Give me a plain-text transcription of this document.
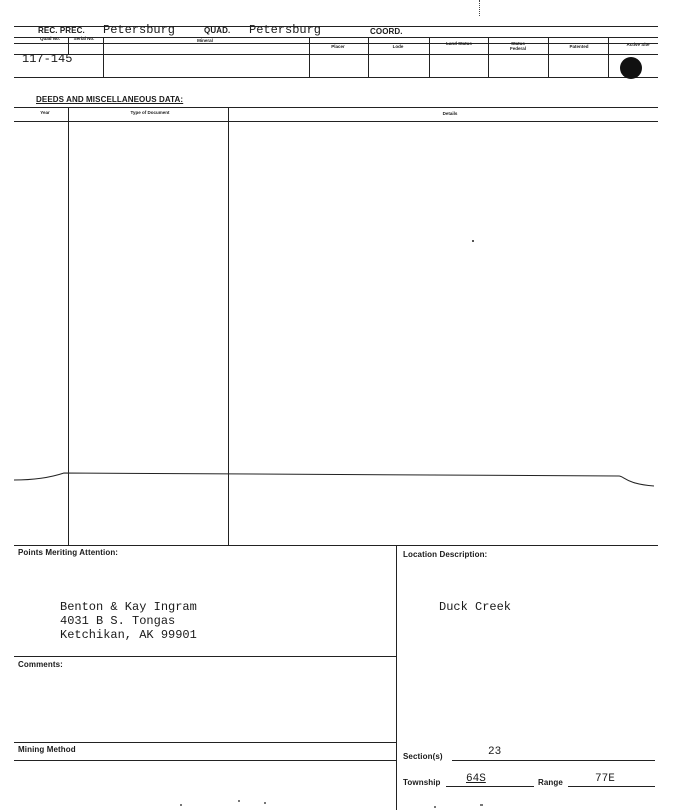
REC. PREC. Petersburg	QUAD. Petersburg	COORD.
Quad No.	Serial No.	Mineral
Placer	Lode
Land Status	Status Federal	Patented	Active Site
117-145
DEEDS AND MISCELLANEOUS DATA:
Year	Type of Document	Details
Points Meriting Attention:
Benton & Kay Ingram
4031 B S. Tongas
Ketchikan, AK 99901
Comments:
Mining Method
Location Description:
Duck Creek
Section(s)	23
Township 64S	Range	77E
